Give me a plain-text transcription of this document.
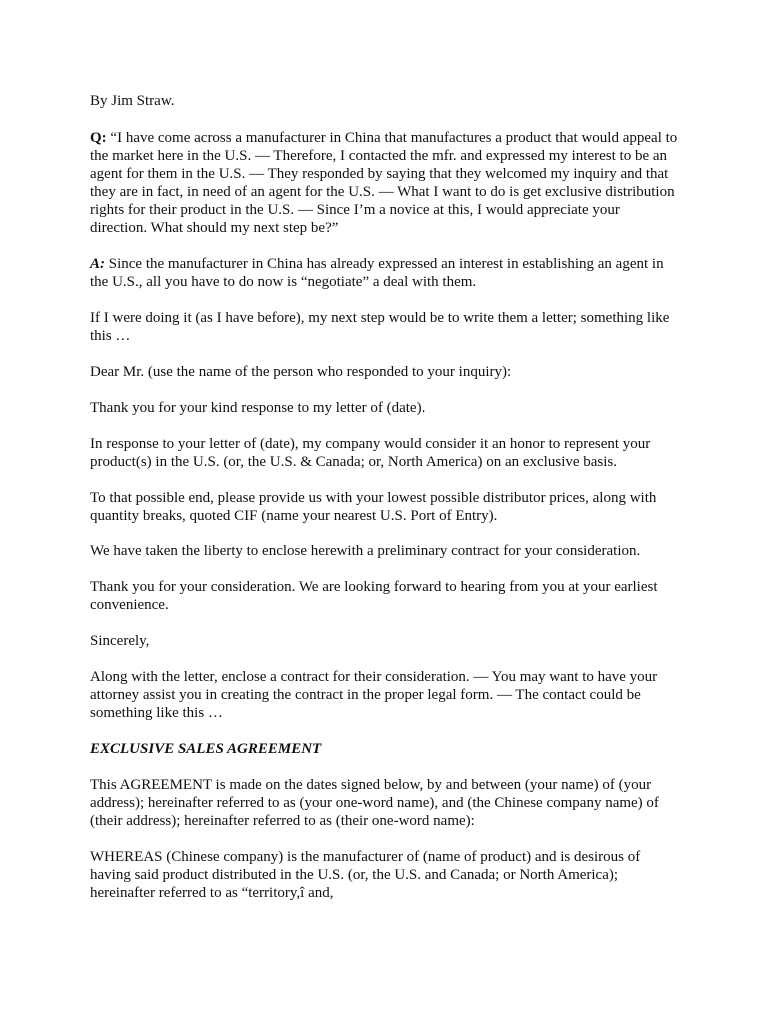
By Jim Straw.

Q: “I have come across a manufacturer in China that manufactures a product that would appeal to the market here in the U.S. — Therefore, I contacted the mfr. and expressed my interest to be an agent for them in the U.S. — They responded by saying that they welcomed my inquiry and that they are in fact, in need of an agent for the U.S. — What I want to do is get exclusive distribution rights for their product in the U.S. — Since I’m a novice at this, I would appreciate your direction. What should my next step be?”

A: Since the manufacturer in China has already expressed an interest in establishing an agent in the U.S., all you have to do now is “negotiate” a deal with them.

If I were doing it (as I have before), my next step would be to write them a letter; something like this …

Dear Mr. (use the name of the person who responded to your inquiry):

Thank you for your kind response to my letter of (date).

In response to your letter of (date), my company would consider it an honor to represent your product(s) in the U.S. (or, the U.S. & Canada; or, North America) on an exclusive basis.

To that possible end, please provide us with your lowest possible distributor prices, along with quantity breaks, quoted CIF (name your nearest U.S. Port of Entry).

We have taken the liberty to enclose herewith a preliminary contract for your consideration.

Thank you for your consideration. We are looking forward to hearing from you at your earliest convenience.

Sincerely,

Along with the letter, enclose a contract for their consideration. — You may want to have your attorney assist you in creating the contract in the proper legal form. — The contact could be something like this …

EXCLUSIVE SALES AGREEMENT

This AGREEMENT is made on the dates signed below, by and between (your name) of (your address); hereinafter referred to as (your one-word name), and (the Chinese company name) of (their address); hereinafter referred to as (their one-word name):

WHEREAS (Chinese company) is the manufacturer of (name of product) and is desirous of having said product distributed in the U.S. (or, the U.S. and Canada; or North America); hereinafter referred to as “territory,î and,
